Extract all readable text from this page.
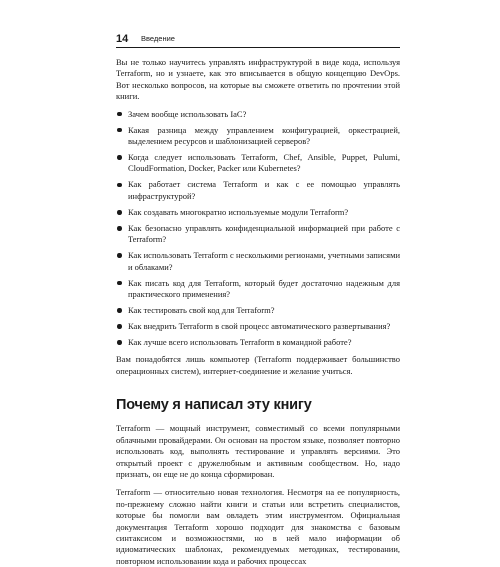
14 Введение

Вы не только научитесь управлять инфраструктурой в виде кода, используя Terraform, но и узнаете, как это вписывается в общую концепцию DevOps. Вот несколько вопросов, на которые вы сможете ответить по прочтении этой книги.

Зачем вообще использовать IaC?
Какая разница между управлением конфигурацией, оркестрацией, выделением ресурсов и шаблонизацией серверов?
Когда следует использовать Terraform, Chef, Ansible, Puppet, Pulumi, CloudFormation, Docker, Packer или Kubernetes?
Как работает система Terraform и как с ее помощью управлять инфраструктурой?
Как создавать многократно используемые модули Terraform?
Как безопасно управлять конфиденциальной информацией при работе с Terraform?
Как использовать Terraform с несколькими регионами, учетными записями и облаками?
Как писать код для Terraform, который будет достаточно надежным для практического применения?
Как тестировать свой код для Terraform?
Как внедрить Terraform в свой процесс автоматического развертывания?
Как лучше всего использовать Terraform в командной работе?

Вам понадобятся лишь компьютер (Terraform поддерживает большинство операционных систем), интернет-соединение и желание учиться.

Почему я написал эту книгу

Terraform — мощный инструмент, совместимый со всеми популярными облачными провайдерами. Он основан на простом языке, позволяет повторно использовать код, выполнять тестирование и управлять версиями. Это открытый проект с дружелюбным и активным сообществом. Но, надо признать, он еще не до конца сформирован.

Terraform — относительно новая технология. Несмотря на ее популярность, по-прежнему сложно найти книги и статьи или встретить специалистов, которые бы помогли вам овладеть этим инструментом. Официальная документация Terraform хорошо подходит для знакомства с базовым синтаксисом и возможностями, но в ней мало информации об идиоматических шаблонах, рекомендуемых методиках, тестировании, повторном использовании кода и рабочих процессах
